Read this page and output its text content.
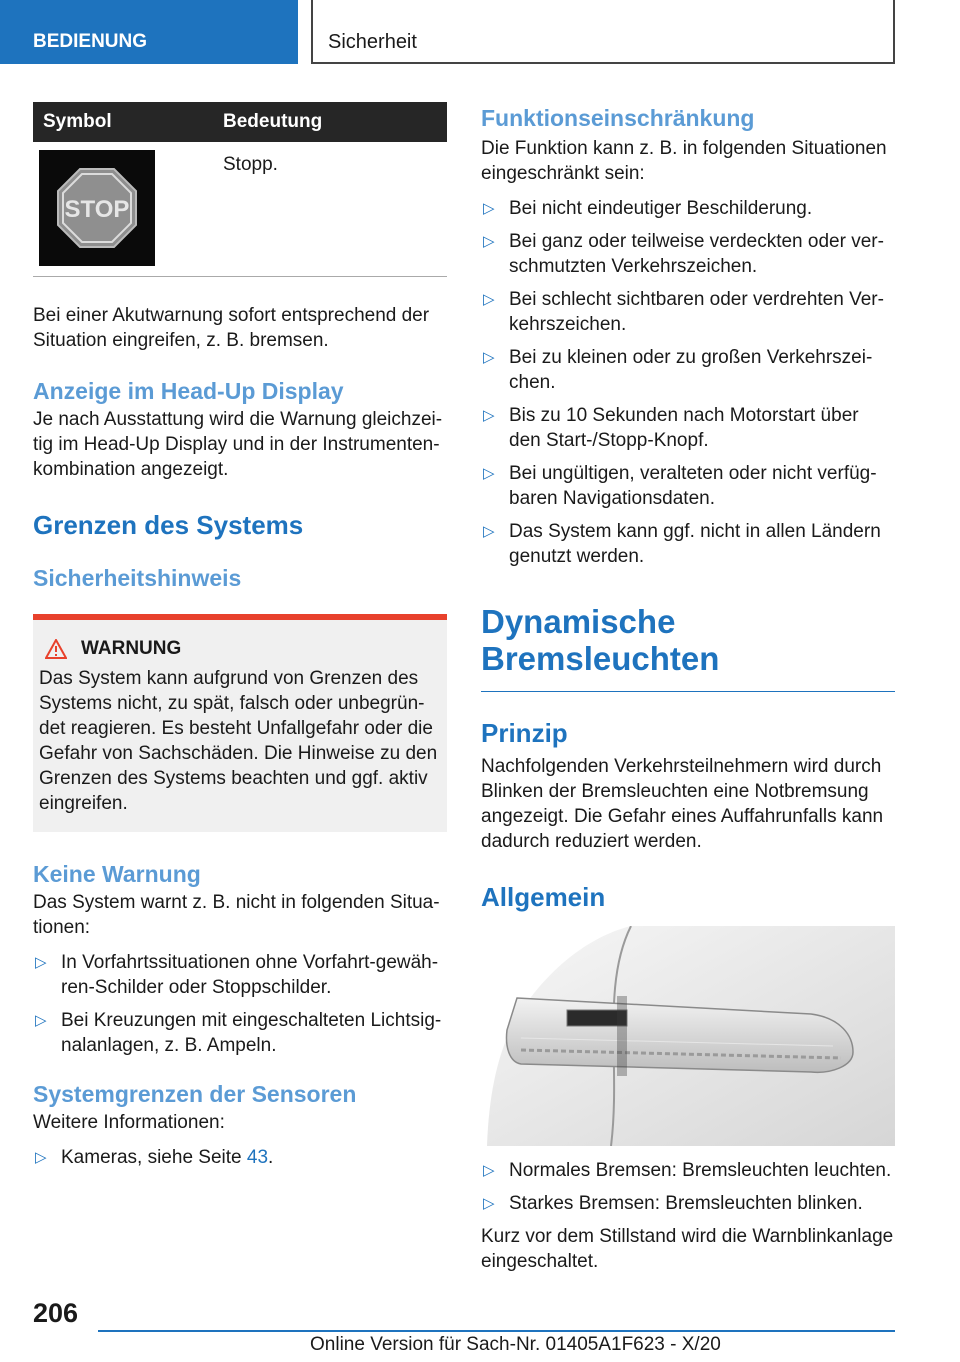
BEDIENUNG	Sicherheit
Symbol	Bedeutung

STOP	Stopp.

Bei einer Akutwarnung sofort entsprechend der Situation eingreifen, z. B. bremsen.

Anzeige im Head-Up Display

Je nach Ausstattung wird die Warnung gleichzei-tig im Head-Up Display und in der Instrumenten-kombination angezeigt.

Grenzen des Systems
Sicherheitshinweis
WARNUNG

Das System kann aufgrund von Grenzen des Systems nicht, zu spät, falsch oder unbegrün-det reagieren. Es besteht Unfallgefahr oder die Gefahr von Sachschäden. Die Hinweise zu den Grenzen des Systems beachten und ggf. aktiv eingreifen.

Keine Warnung

Das System warnt z. B. nicht in folgenden Situa-tionen:

▷ In Vorfahrtssituationen ohne Vorfahrt-gewäh-ren-Schilder oder Stoppschilder.
▷ Bei Kreuzungen mit eingeschalteten Lichtsig-nalanlagen, z. B. Ampeln.
Systemgrenzen der Sensoren

Weitere Informationen:

▷ Kameras, siehe Seite 43.
Funktionseinschränkung

Die Funktion kann z. B. in folgenden Situationen eingeschränkt sein:

▷ Bei nicht eindeutiger Beschilderung.
▷ Bei ganz oder teilweise verdeckten oder ver-schmutzten Verkehrszeichen.
▷ Bei schlecht sichtbaren oder verdrehten Ver-kehrszeichen.
▷ Bei zu kleinen oder zu großen Verkehrszei-chen.
▷ Bis zu 10 Sekunden nach Motorstart über den Start-/Stopp-Knopf.
▷ Bei ungültigen, veralteten oder nicht verfüg-baren Navigationsdaten.
▷ Das System kann ggf. nicht in allen Ländern genutzt werden.
Dynamische
Bremsleuchten
Prinzip

Nachfolgenden Verkehrsteilnehmern wird durch Blinken der Bremsleuchten eine Notbremsung angezeigt. Die Gefahr eines Auffahrunfalls kann dadurch reduziert werden.

Allgemein
▷ Normales Bremsen: Bremsleuchten leuchten.
▷ Starkes Bremsen: Bremsleuchten blinken.

Kurz vor dem Stillstand wird die Warnblinkanlage eingeschaltet.

206
Online Version für Sach-Nr. 01405A1F623 - X/20
